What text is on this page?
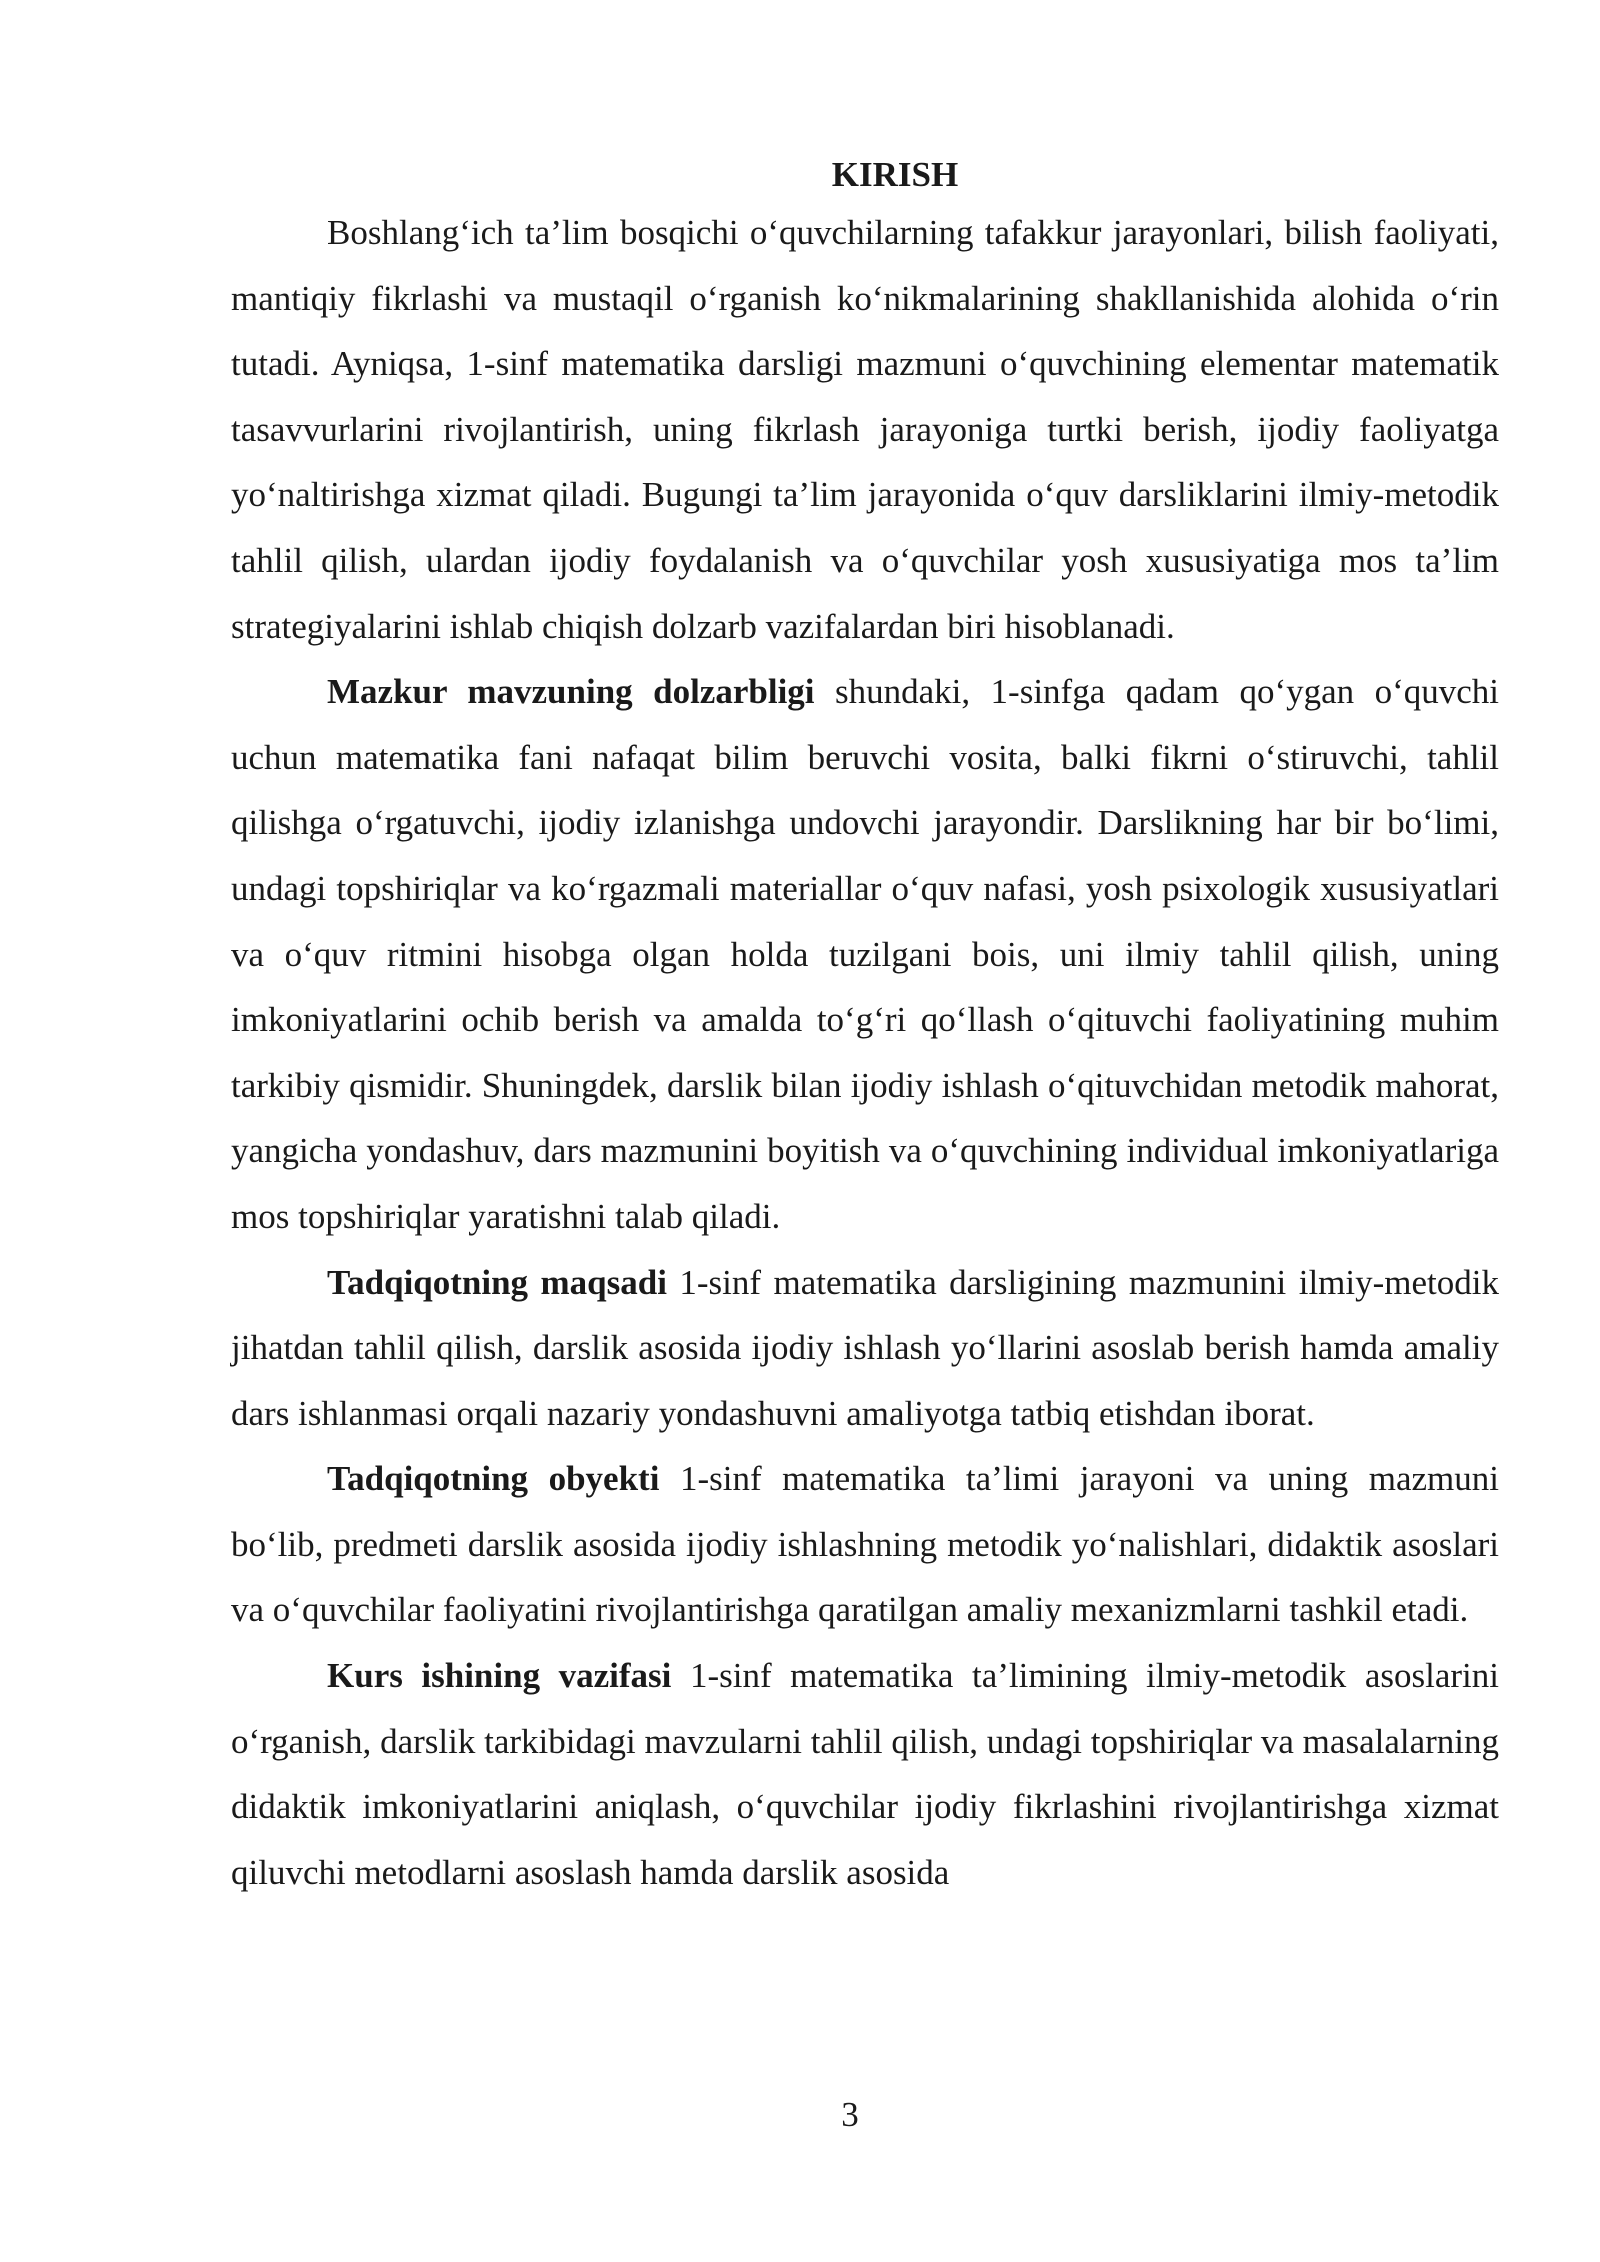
KIRISH

Boshlang‘ich ta’lim bosqichi o‘quvchilarning tafakkur jarayonlari, bilish faoliyati, mantiqiy fikrlashi va mustaqil o‘rganish ko‘nikmalarining shakllanishida alohida o‘rin tutadi. Ayniqsa, 1-sinf matematika darsligi mazmuni o‘quvchining elementar matematik tasavvurlarini rivojlantirish, uning fikrlash jarayoniga turtki berish, ijodiy faoliyatga yo‘naltirishga xizmat qiladi. Bugungi ta’lim jarayonida o‘quv darsliklarini ilmiy-metodik tahlil qilish, ulardan ijodiy foydalanish va o‘quvchilar yosh xususiyatiga mos ta’lim strategiyalarini ishlab chiqish dolzarb vazifalardan biri hisoblanadi.

Mazkur mavzuning dolzarbligi shundaki, 1-sinfga qadam qo‘ygan o‘quvchi uchun matematika fani nafaqat bilim beruvchi vosita, balki fikrni o‘stiruvchi, tahlil qilishga o‘rgatuvchi, ijodiy izlanishga undovchi jarayondir. Darslikning har bir bo‘limi, undagi topshiriqlar va ko‘rgazmali materiallar o‘quv nafasi, yosh psixologik xususiyatlari va o‘quv ritmini hisobga olgan holda tuzilgani bois, uni ilmiy tahlil qilish, uning imkoniyatlarini ochib berish va amalda to‘g‘ri qo‘llash o‘qituvchi faoliyatining muhim tarkibiy qismidir. Shuningdek, darslik bilan ijodiy ishlash o‘qituvchidan metodik mahorat, yangicha yondashuv, dars mazmunini boyitish va o‘quvchining individual imkoniyatlariga mos topshiriqlar yaratishni talab qiladi.

Tadqiqotning maqsadi 1-sinf matematika darsligining mazmunini ilmiy-metodik jihatdan tahlil qilish, darslik asosida ijodiy ishlash yo‘llarini asoslab berish hamda amaliy dars ishlanmasi orqali nazariy yondashuvni amaliyotga tatbiq etishdan iborat.

Tadqiqotning obyekti 1-sinf matematika ta’limi jarayoni va uning mazmuni bo‘lib, predmeti darslik asosida ijodiy ishlashning metodik yo‘nalishlari, didaktik asoslari va o‘quvchilar faoliyatini rivojlantirishga qaratilgan amaliy mexanizmlarni tashkil etadi.

Kurs ishining vazifasi 1-sinf matematika ta’limining ilmiy-metodik asoslarini o‘rganish, darslik tarkibidagi mavzularni tahlil qilish, undagi topshiriqlar va masalalarning didaktik imkoniyatlarini aniqlash, o‘quvchilar ijodiy fikrlashini rivojlantirishga xizmat qiluvchi metodlarni asoslash hamda darslik asosida

3
